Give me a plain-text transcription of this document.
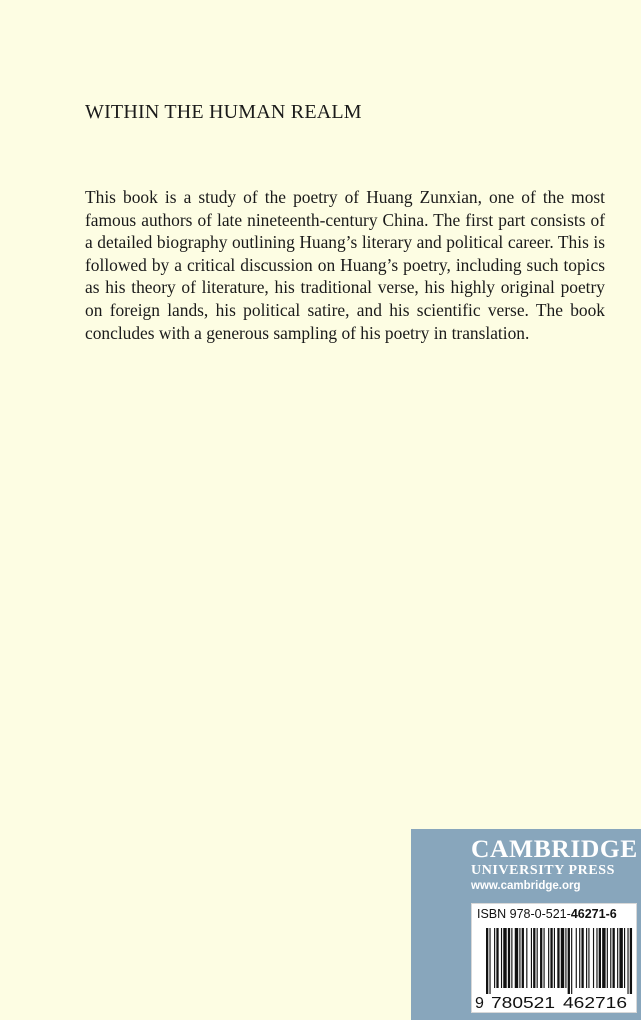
WITHIN THE HUMAN REALM
This book is a study of the poetry of Huang Zunxian, one of the most famous authors of late nineteenth-century China. The first part consists of a detailed biography outlining Huang’s literary and political career. This is followed by a critical discussion on Huang’s poetry, including such topics as his theory of literature, his traditional verse, his highly original poetry on foreign lands, his political satire, and his scientific verse. The book concludes with a generous sampling of his poetry in translation.
CAMBRIDGE
UNIVERSITY PRESS
www.cambridge.org
ISBN 978-0-521-46271-6
9 780521 462716
